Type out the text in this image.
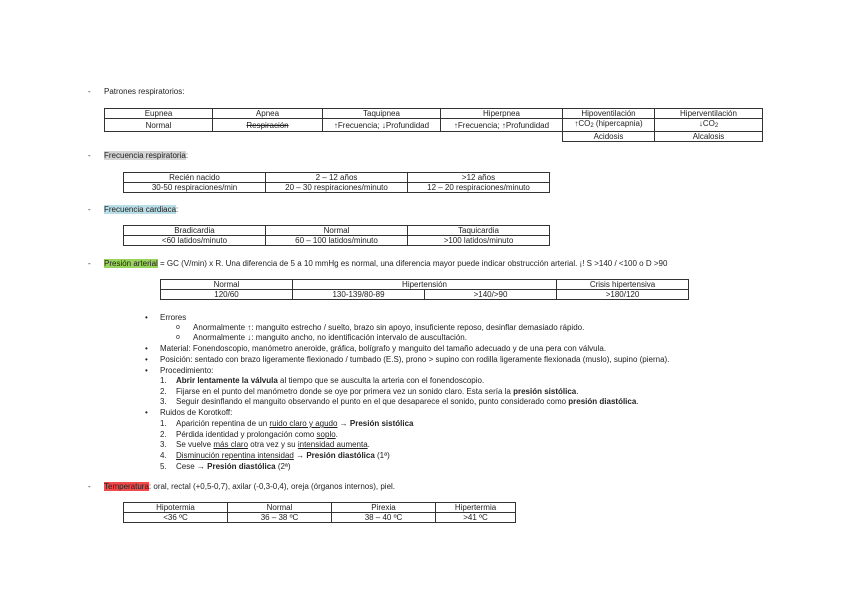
- Patrones respiratorios:
Eupnea	Apnea	Taquipnea	Hiperpnea	Hipoventilación	Hiperventilación
Normal	Respiración	↑Frecuencia; ↓Profundidad	↑Frecuencia; ↑Profundidad	$↑CO_2$ (hipercapnia)	$↓CO_2$
				Acidosis	Alcalosis
- Frecuencia respiratoria:
Recién nacido	2 – 12 años	>12 años
30-50 respiraciones/min	20 – 30 respiraciones/minuto	12 – 20 respiraciones/minuto
- Frecuencia cardiaca:
Bradicardia	Normal	Taquicardia
<60 latidos/minuto	60 – 100 latidos/minuto	>100 latidos/minuto
- Presión arterial = GC (V/min) x R. Una diferencia de 5 a 10 mmHg es normal, una diferencia mayor puede indicar obstrucción arterial. ¡! S >140 / <100 o D >90
Normal	Hipertensión		Crisis hipertensiva
120/60	130-139/80-89	>140/>90	>180/120
• Errores
o Anormalmente ↑: manguito estrecho / suelto, brazo sin apoyo, insuficiente reposo, desinflar demasiado rápido.
o Anormalmente ↓: manguito ancho, no identificación intervalo de auscultación.
• Material: Fonendoscopio, manómetro aneroide, gráfica, bolígrafo y manguito del tamaño adecuado y de una pera con válvula.
• Posición: sentado con brazo ligeramente flexionado / tumbado (E.S), prono > supino con rodilla ligeramente flexionada (muslo), supino (pierna).
• Procedimiento:
1. Abrir lentamente la válvula al tiempo que se ausculta la arteria con el fonendoscopio.
2. Fijarse en el punto del manómetro donde se oye por primera vez un sonido claro. Esta sería la presión sistólica.
3. Seguir desinflando el manguito observando el punto en el que desaparece el sonido, punto considerado como presión diastólica.
• Ruidos de Korotkoff:
1. Aparición repentina de un ruido claro y agudo → Presión sistólica
2. Pérdida identidad y prolongación como soplo.
3. Se vuelve más claro otra vez y su intensidad aumenta.
4. Disminución repentina intensidad → Presión diastólica (1ª)
5. Cese → Presión diastólica (2ª)
- Temperatura: oral, rectal (+0,5-0,7), axilar (-0,3-0,4), oreja (órganos internos), piel.
Hipotermia	Normal	Pirexia	Hipertermia
<36 ºC	36 – 38 ºC	38 – 40 ºC	>41 ºC
